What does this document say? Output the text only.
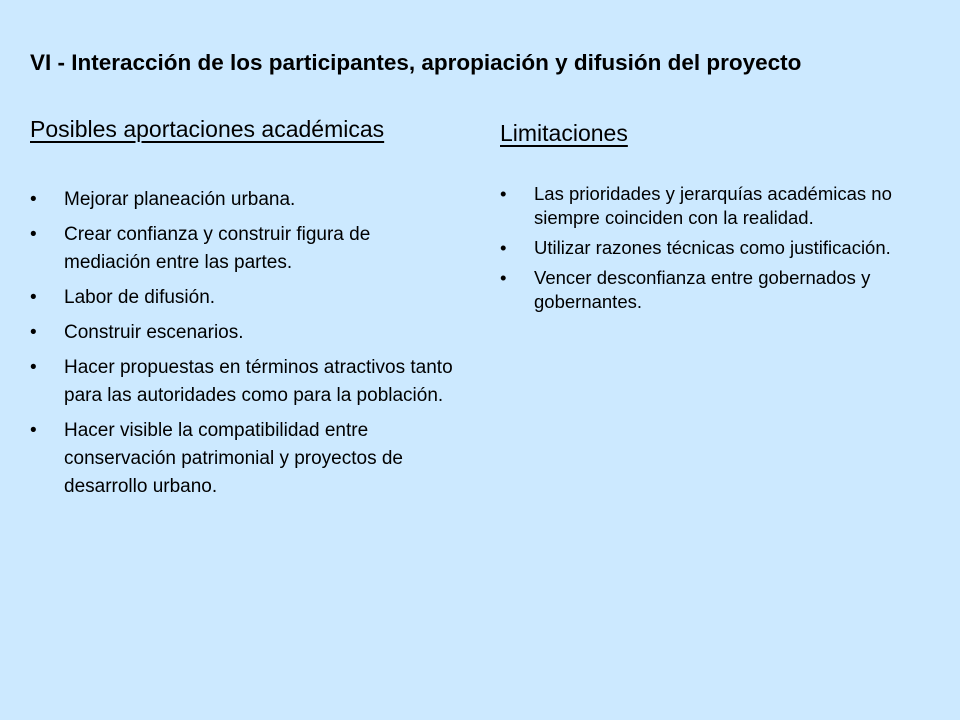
VI - Interacción de los participantes, apropiación y difusión del proyecto
Posibles aportaciones académicas
• Mejorar planeación urbana.
• Crear confianza y construir figura de mediación entre las partes.
• Labor de difusión.
• Construir escenarios.
• Hacer propuestas en términos atractivos tanto para las autoridades como para la población.
• Hacer visible la compatibilidad entre conservación patrimonial y proyectos de desarrollo urbano.
Limitaciones
• Las prioridades y jerarquías académicas no siempre coinciden con la realidad.
• Utilizar razones técnicas como justificación.
• Vencer desconfianza entre gobernados y gobernantes.
